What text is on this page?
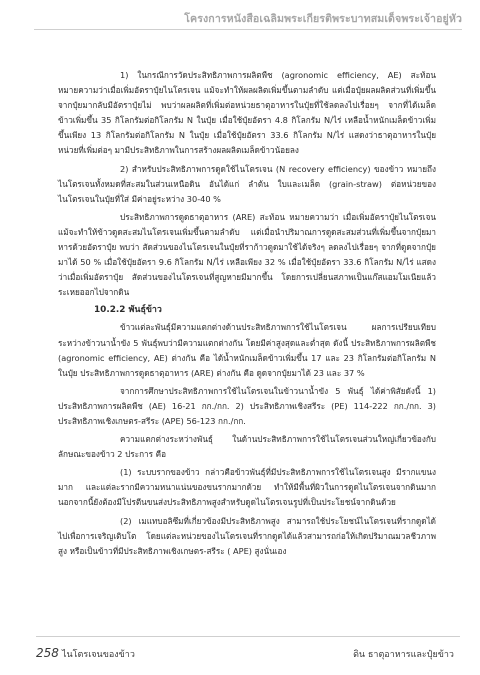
โครงการหนังสือเฉลิมพระเกียรติพระบาทสมเด็จพระเจ้าอยู่หัว

1) ในกรณีการวัดประสิทธิภาพการผลิตพืช (agronomic efficiency, AE) สะท้อน หมายความว่าเมื่อเพิ่มอัตราปุ๋ยไนโตรเจน แม้จะทำให้ผลผลิตเพิ่มขึ้นตามลำดับ แต่เมื่อปุ๋ยผลผลิตส่วนที่เพิ่มขึ้นจากปุ๋ยมากลับมีอัตราปุ๋ยไม่ พบว่าผลผลิตที่เพิ่มต่อหน่วยธาตุอาหารในปุ๋ยที่ใช้ลดลงไปเรื่อยๆ จากที่ได้เมล็ดข้าวเพิ่มขึ้น 35 กิโลกรัมต่อกิโลกรัม N ในปุ๋ย เมื่อใช้ปุ๋ยอัตรา 4.8 กิโลกรัม N/ไร่ เหลือน้ำหนักเมล็ดข้าวเพิ่มขึ้นเพียง 13 กิโลกรัมต่อกิโลกรัม N ในปุ๋ย เมื่อใช้ปุ๋ยอัตรา 33.6 กิโลกรัม N/ไร่ แสดงว่าธาตุอาหารในปุ๋ยหน่วยที่เพิ่มต่อๆ มามีประสิทธิภาพในการสร้างผลผลิตเมล็ดข้าวน้อยลง

2) สำหรับประสิทธิภาพการดูดใช้ไนโตรเจน (N recovery efficiency) ของข้าว หมายถึงไนโตรเจนทั้งหมดที่สะสมในส่วนเหนือดิน อันได้แก่ ลำต้น ใบและเมล็ด (grain-straw) ต่อหน่วยของไนโตรเจนในปุ๋ยที่ใส่ มีค่าอยู่ระหว่าง 30-40 %

ประสิทธิภาพการดูดธาตุอาหาร (ARE) สะท้อน หมายความว่า เมื่อเพิ่มอัตราปุ๋ยไนโตรเจน แม้จะทำให้ข้าวดูดสะสมไนโตรเจนเพิ่มขึ้นตามลำดับ แต่เมื่อนำปริมาณการดูดสะสมส่วนที่เพิ่มขึ้นจากปุ๋ยมาหารด้วยอัตราปุ๋ย พบว่า สัดส่วนของไนโตรเจนในปุ๋ยที่ราก้าวดูดมาใช้ได้จริงๆ ลดลงไปเรื่อยๆ จากที่ดูดจากปุ๋ยมาได้ 50 % เมื่อใช้ปุ๋ยอัตรา 9.6 กิโลกรัม N/ไร่ เหลือเพียง 32 % เมื่อใช้ปุ๋ยอัตรา 33.6 กิโลกรัม N/ไร่ แสดงว่าเมื่อเพิ่มอัตราปุ๋ย สัดส่วนของไนโตรเจนที่สูญหายมีมากขึ้น โดยการเปลี่ยนสภาพเป็นแก๊สแอมโมเนียแล้วระเหยออกไปจากดิน

10.2.2 พันธุ์ข้าว

ข้าวแต่ละพันธุ์มีความแตกต่างด้านประสิทธิภาพการใช้ไนโตรเจน ผลการเปรียบเทียบระหว่างข้าวนาน้ำขัง 5 พันธุ์พบว่ามีความแตกต่างกัน โดยมีค่าสูงสุดและต่ำสุด ดังนี้ ประสิทธิภาพการผลิตพืช (agronomic efficiency, AE) ต่างกัน คือ ได้น้ำหนักเมล็ดข้าวเพิ่มขึ้น 17 และ 23 กิโลกรัมต่อกิโลกรัม N ในปุ๋ย ประสิทธิภาพการดูดธาตุอาหาร (ARE) ต่างกัน คือ ดูดจากปุ๋ยมาได้ 23 และ 37 %

จากการศึกษาประสิทธิภาพการใช้ไนโตรเจนในข้าวนาน้ำขัง 5 พันธุ์ ได้ค่าพิสัยดังนี้ 1) ประสิทธิภาพการผลิตพืช (AE) 16-21 กก./กก. 2) ประสิทธิภาพเชิงสรีระ (PE) 114-222 กก./กก. 3) ประสิทธิภาพเชิงเกษตร-สรีระ (APE) 56-123 กก./กก.

ความแตกต่างระหว่างพันธุ์ ในด้านประสิทธิภาพการใช้ไนโตรเจนส่วนใหญ่เกี่ยวข้องกับลักษณะของข้าว 2 ประการ คือ

(1) ระบบรากของข้าว กล่าวคือข้าวพันธุ์ที่มีประสิทธิภาพการใช้ไนโตรเจนสูง มีรากแขนงมาก และแต่ละรากมีความหนาแน่นของขนรากมากด้วย ทำให้มีพื้นที่ผิวในการดูดไนโตรเจนจากดินมาก นอกจากนี้ยังต้องมีโปรตีนขนส่งประสิทธิภาพสูงสำหรับดูดไนโตรเจนรูปที่เป็นประโยชน์จากดินด้วย

(2) เมแทบอลิซึมที่เกี่ยวข้องมีประสิทธิภาพสูง สามารถใช้ประโยชน์ไนโตรเจนที่รากดูดได้ ไปเพื่อการเจริญเติบโต โดยแต่ละหน่วยของไนโตรเจนที่รากดูดได้แล้วสามารถก่อให้เกิดปริมาณมวลชีวภาพสูง หรือเป็นข้าวที่มีประสิทธิภาพเชิงเกษตร-สรีระ ( APE) สูงนั่นเอง

258 ไนโตรเจนของข้าว	ดิน ธาตุอาหารและปุ๋ยข้าว
